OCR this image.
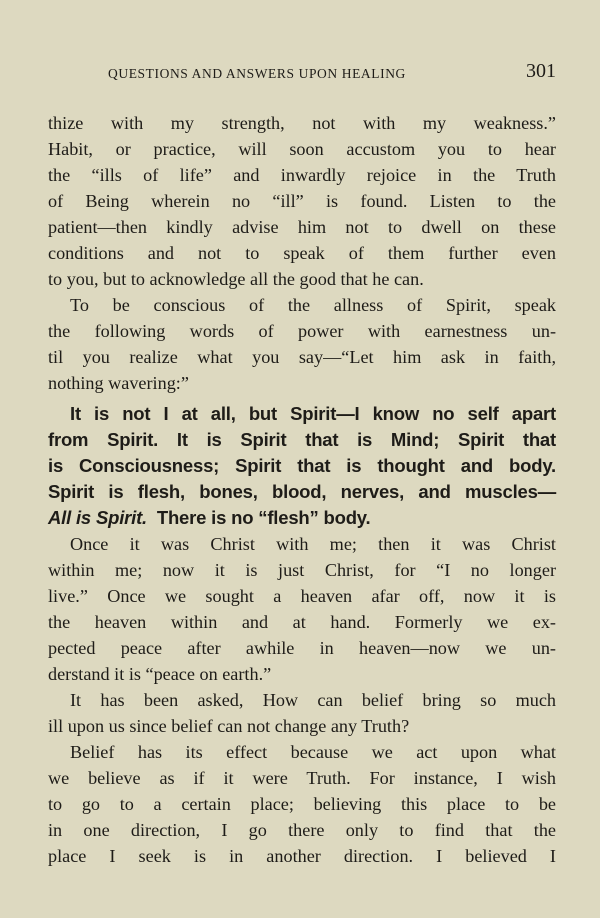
QUESTIONS AND ANSWERS UPON HEALING	301
thize with my strength, not with my weakness.”
Habit, or practice, will soon accustom you to hear
the “ills of life” and inwardly rejoice in the Truth
of Being wherein no “ill” is found. Listen to the
patient—then kindly advise him not to dwell on these
conditions and not to speak of them further even
to you, but to acknowledge all the good that he can.
To be conscious of the allness of Spirit, speak
the following words of power with earnestness un-
til you realize what you say—“Let him ask in faith,
nothing wavering:”
It is not I at all, but Spirit—I know no self apart
from Spirit. It is Spirit that is Mind; Spirit that
is Consciousness; Spirit that is thought and body.
Spirit is flesh, bones, blood, nerves, and muscles—
All is Spirit. There is no “flesh” body.
Once it was Christ with me; then it was Christ
within me; now it is just Christ, for “I no longer
live.” Once we sought a heaven afar off, now it is
the heaven within and at hand. Formerly we ex-
pected peace after awhile in heaven—now we un-
derstand it is “peace on earth.”
It has been asked, How can belief bring so much
ill upon us since belief can not change any Truth?
Belief has its effect because we act upon what
we believe as if it were Truth. For instance, I wish
to go to a certain place; believing this place to be
in one direction, I go there only to find that the
place I seek is in another direction. I believed I
